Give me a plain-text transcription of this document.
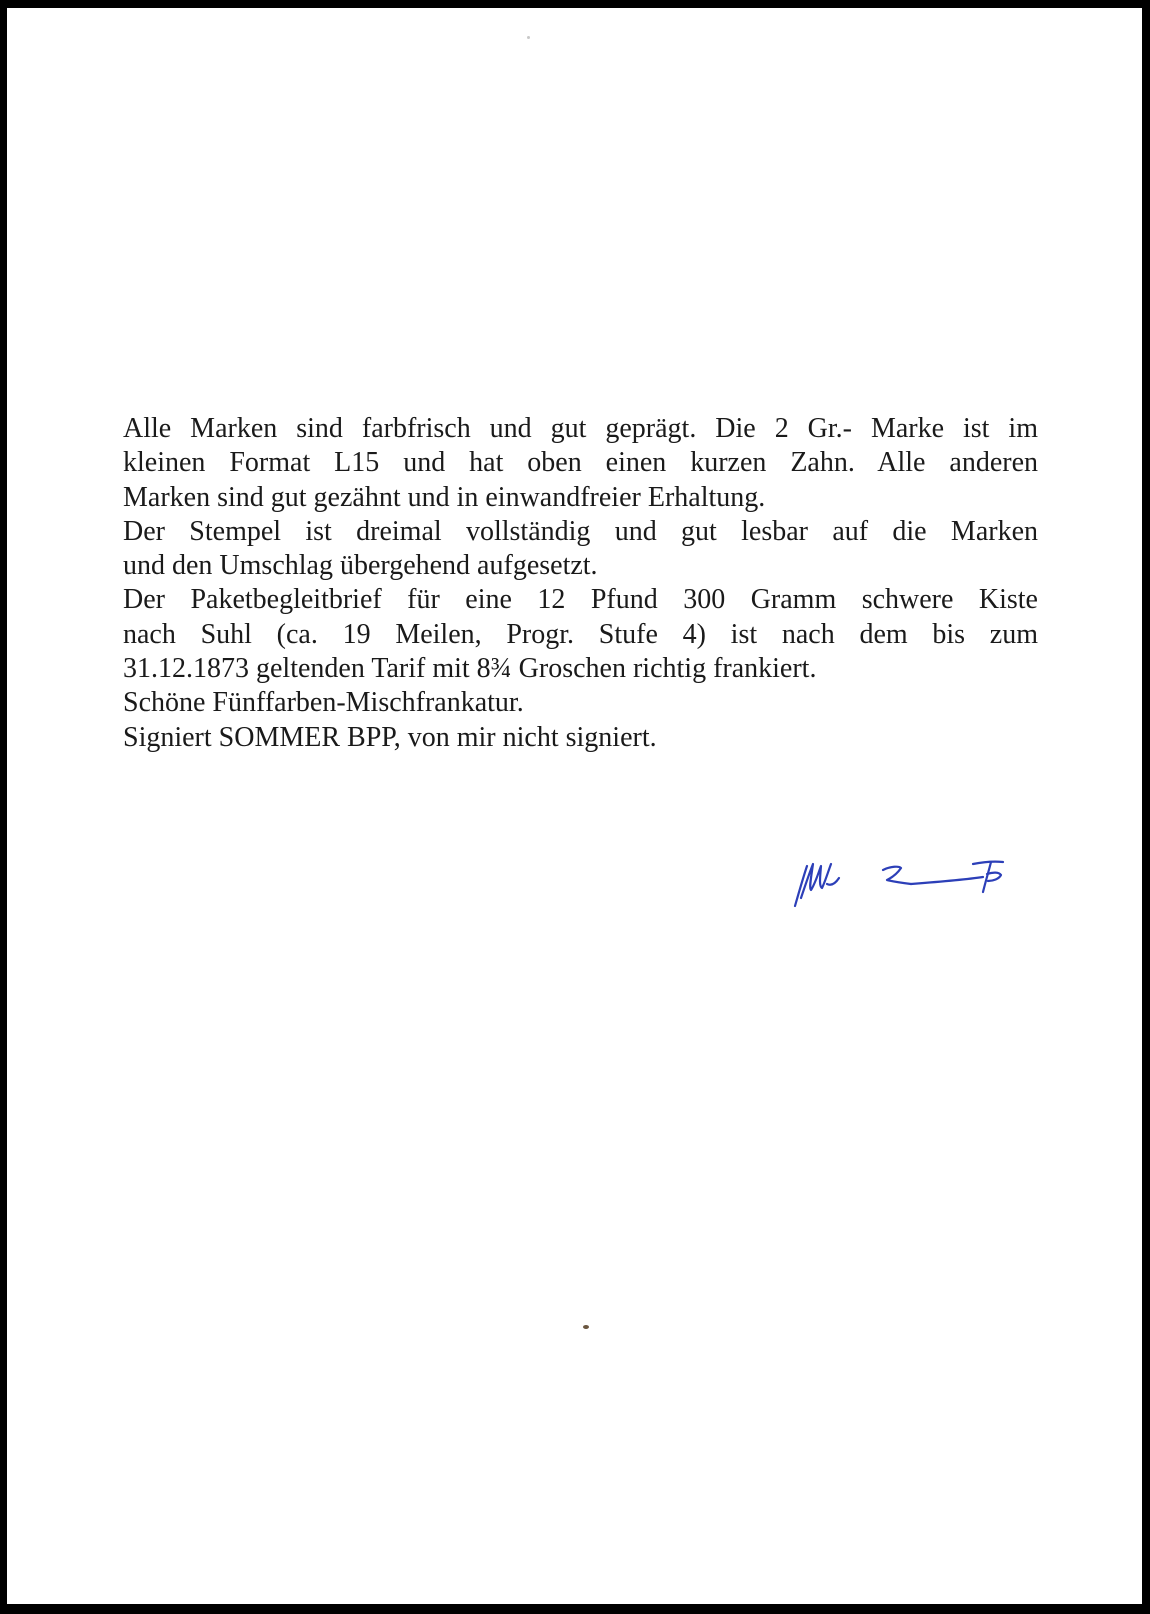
Alle Marken sind farbfrisch und gut geprägt. Die 2 Gr.- Marke ist im
kleinen Format L15 und hat oben einen kurzen Zahn. Alle anderen
Marken sind gut gezähnt und in einwandfreier Erhaltung.
Der Stempel ist dreimal vollständig und gut lesbar auf die Marken
und den Umschlag übergehend aufgesetzt.
Der Paketbegleitbrief für eine 12 Pfund 300 Gramm schwere Kiste
nach Suhl (ca. 19 Meilen, Progr. Stufe 4) ist nach dem bis zum
31.12.1873 geltenden Tarif mit 8¾ Groschen richtig frankiert.
Schöne Fünffarben-Mischfrankatur.
Signiert SOMMER BPP, von mir nicht signiert.
